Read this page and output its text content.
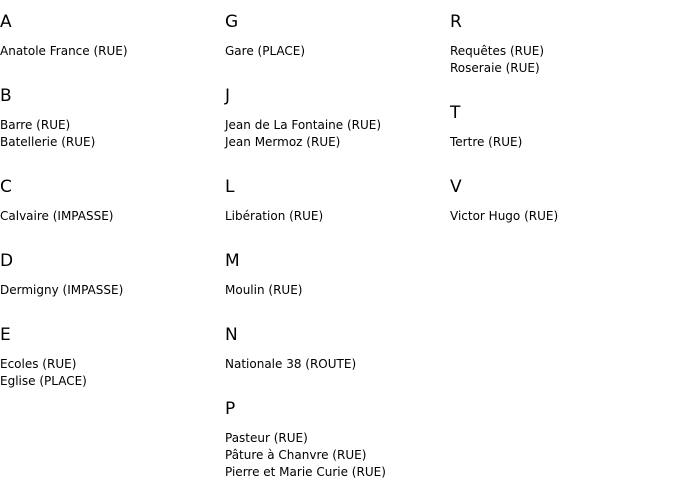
A
Anatole France (RUE)
B
Barre (RUE)
Batellerie (RUE)
C
Calvaire (IMPASSE)
D
Dermigny (IMPASSE)
E
Ecoles (RUE)
Eglise (PLACE)
G
Gare (PLACE)
J
Jean de La Fontaine (RUE)
Jean Mermoz (RUE)
L
Libération (RUE)
M
Moulin (RUE)
N
Nationale 38 (ROUTE)
P
Pasteur (RUE)
Pâture à Chanvre (RUE)
Pierre et Marie Curie (RUE)
R
Requêtes (RUE)
Roseraie (RUE)
T
Tertre (RUE)
V
Victor Hugo (RUE)
